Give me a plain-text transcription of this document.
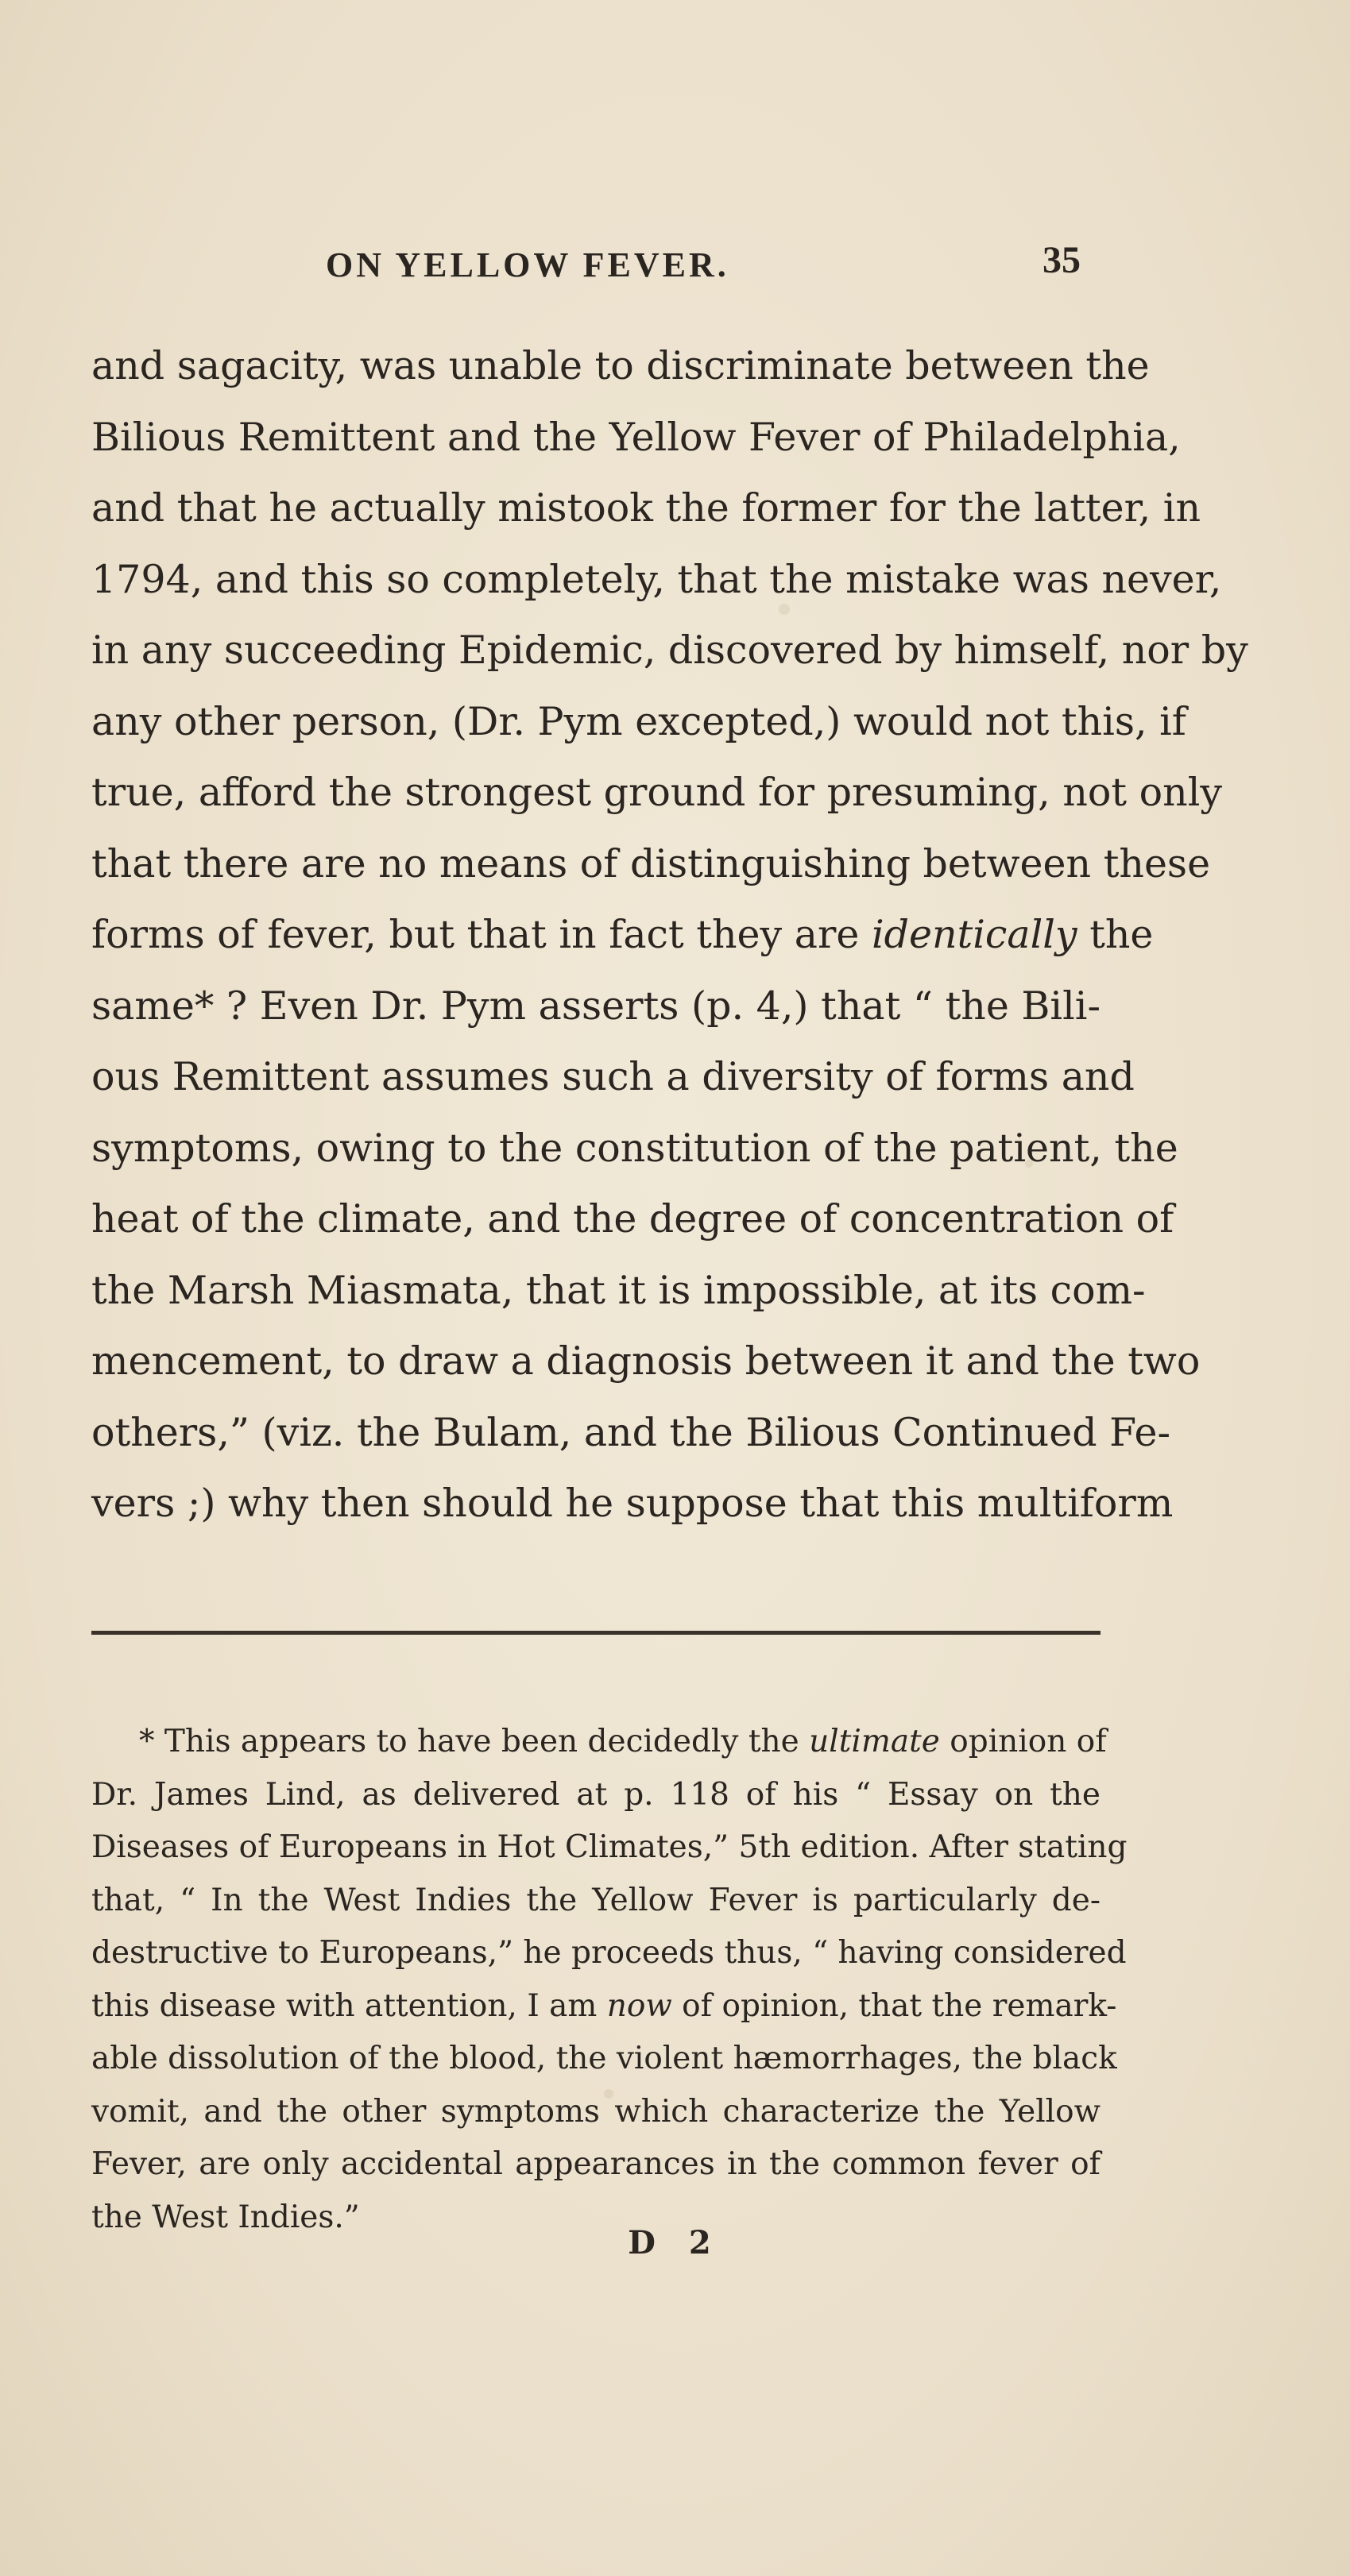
ON YELLOW FEVER.	35
and sagacity, was unable to discriminate between the
Bilious Remittent and the Yellow Fever of Philadelphia,
and that he actually mistook the former for the latter, in
1794, and this so completely, that the mistake was never,
in any succeeding Epidemic, discovered by himself, nor by
any other person, (Dr. Pym excepted,) would not this, if
true, afford the strongest ground for presuming, not only
that there are no means of distinguishing between these
forms of fever, but that in fact they are identically the
same* ? Even Dr. Pym asserts (p. 4,) that “ the Bili-
ous Remittent assumes such a diversity of forms and
symptoms, owing to the constitution of the patient, the
heat of the climate, and the degree of concentration of
the Marsh Miasmata, that it is impossible, at its com-
mencement, to draw a diagnosis between it and the two
others,” (viz. the Bulam, and the Bilious Continued Fe-
vers ;) why then should he suppose that this multiform
* This appears to have been decidedly the ultimate opinion of
Dr. James Lind, as delivered at p. 118 of his “ Essay on the
Diseases of Europeans in Hot Climates,” 5th edition. After stating
that, “ In the West Indies the Yellow Fever is particularly de-
destructive to Europeans,” he proceeds thus, “ having considered
this disease with attention, I am now of opinion, that the remark-
able dissolution of the blood, the violent hæmorrhages, the black
vomit, and the other symptoms which characterize the Yellow
Fever, are only accidental appearances in the common fever of
the West Indies.”
D 2
